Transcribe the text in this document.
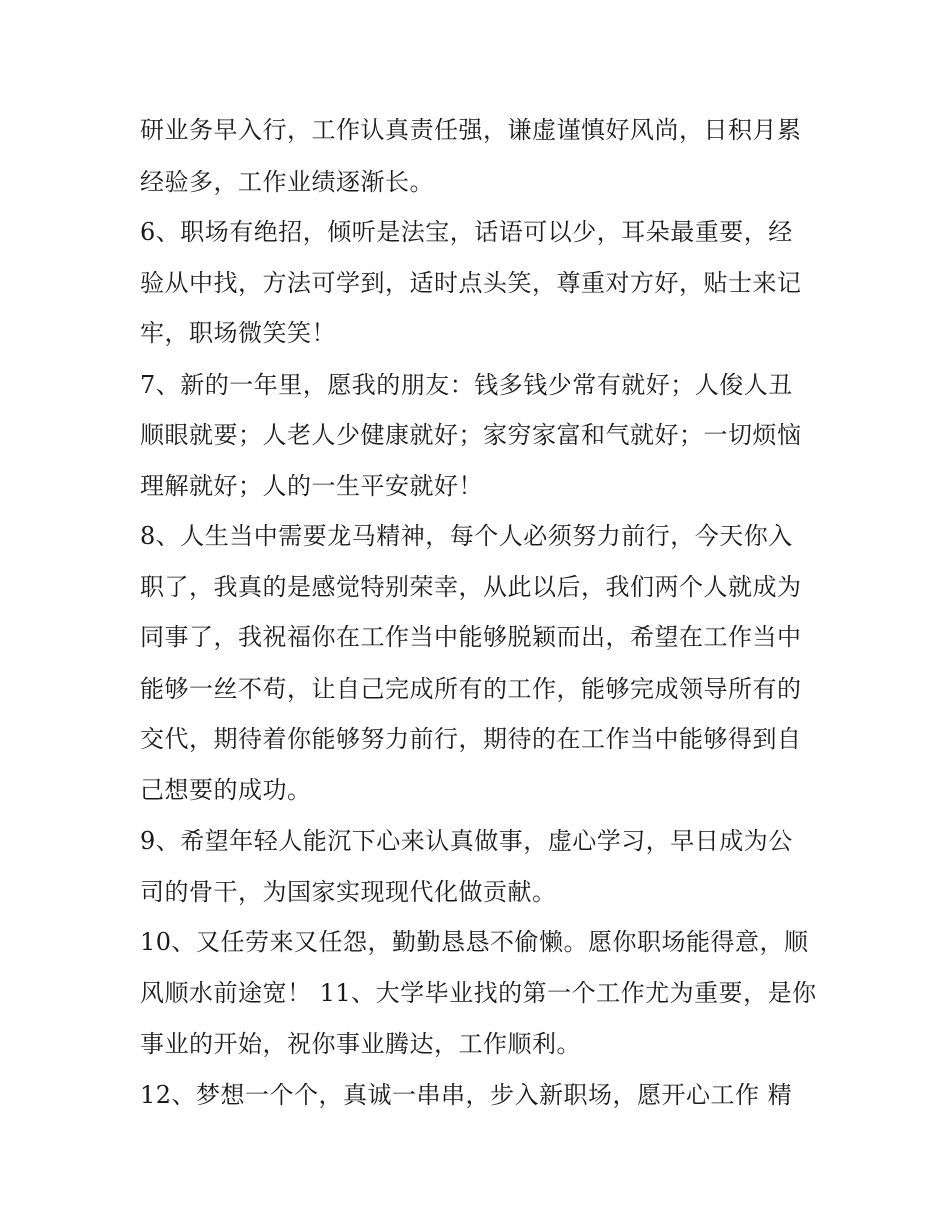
研业务早入行，工作认真责任强，谦虚谨慎好风尚，日积月累
经验多，工作业绩逐渐长。
6、职场有绝招，倾听是法宝，话语可以少，耳朵最重要，经
验从中找，方法可学到，适时点头笑，尊重对方好，贴士来记
牢，职场微笑笑！
7、新的一年里，愿我的朋友：钱多钱少常有就好；人俊人丑
顺眼就要；人老人少健康就好；家穷家富和气就好；一切烦恼
理解就好；人的一生平安就好！
8、人生当中需要龙马精神，每个人必须努力前行，今天你入
职了，我真的是感觉特别荣幸，从此以后，我们两个人就成为
同事了，我祝福你在工作当中能够脱颖而出，希望在工作当中
能够一丝不苟，让自己完成所有的工作，能够完成领导所有的
交代，期待着你能够努力前行，期待的在工作当中能够得到自
己想要的成功。
9、希望年轻人能沉下心来认真做事，虚心学习，早日成为公
司的骨干，为国家实现现代化做贡献。
10、又任劳来又任怨，勤勤恳恳不偷懒。愿你职场能得意，顺
风顺水前途宽！ 11、大学毕业找的第一个工作尤为重要，是你
事业的开始，祝你事业腾达，工作顺利。
12、梦想一个个，真诚一串串，步入新职场，愿开心工作 精
